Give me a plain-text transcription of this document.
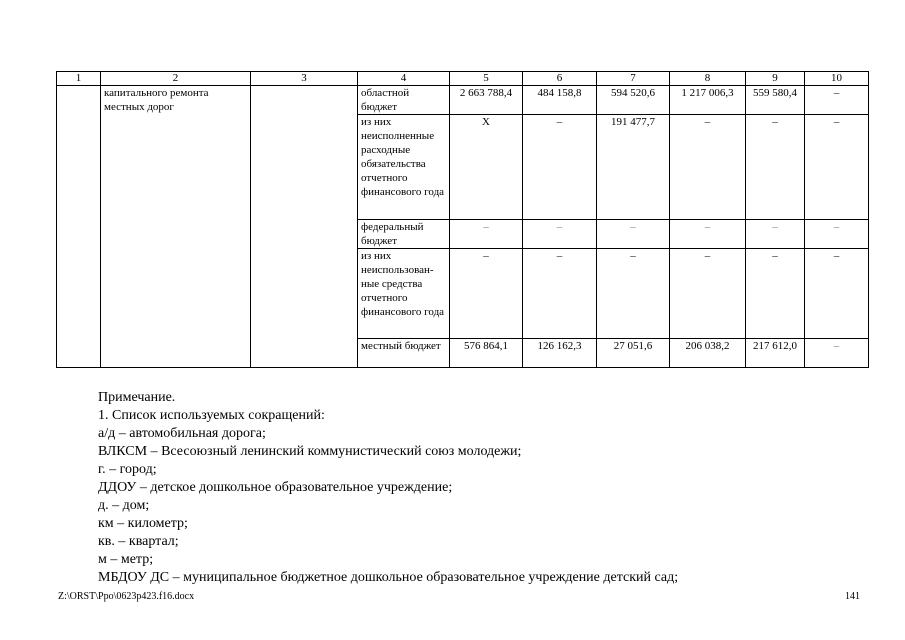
1	2	3	4	5	6	7	8	9	10
	капитального ремонта местных дорог		областной бюджет	2 663 788,4	484 158,8	594 520,6	1 217 006,3	559 580,4	–
			из них неисполненные расходные обязательства отчетного финансового года	X	–	191 477,7	–	–	–
			федеральный бюджет	–	–	–	–	–	–
			из них неиспользован-ные средства отчетного финансового года	–	–	–	–	–	–
			местный бюджет	576 864,1	126 162,3	27 051,6	206 038,2	217 612,0	–
Примечание.
1. Список используемых сокращений:
а/д – автомобильная дорога;
ВЛКСМ – Всесоюзный ленинский коммунистический союз молодежи;
г. – город;
ДДОУ – детское дошкольное образовательное учреждение;
д. – дом;
км – километр;
кв. – квартал;
м – метр;
МБДОУ ДС – муниципальное бюджетное дошкольное образовательное учреждение детский сад;
Z:\ORST\Ppo\0623p423.f16.docx	141
